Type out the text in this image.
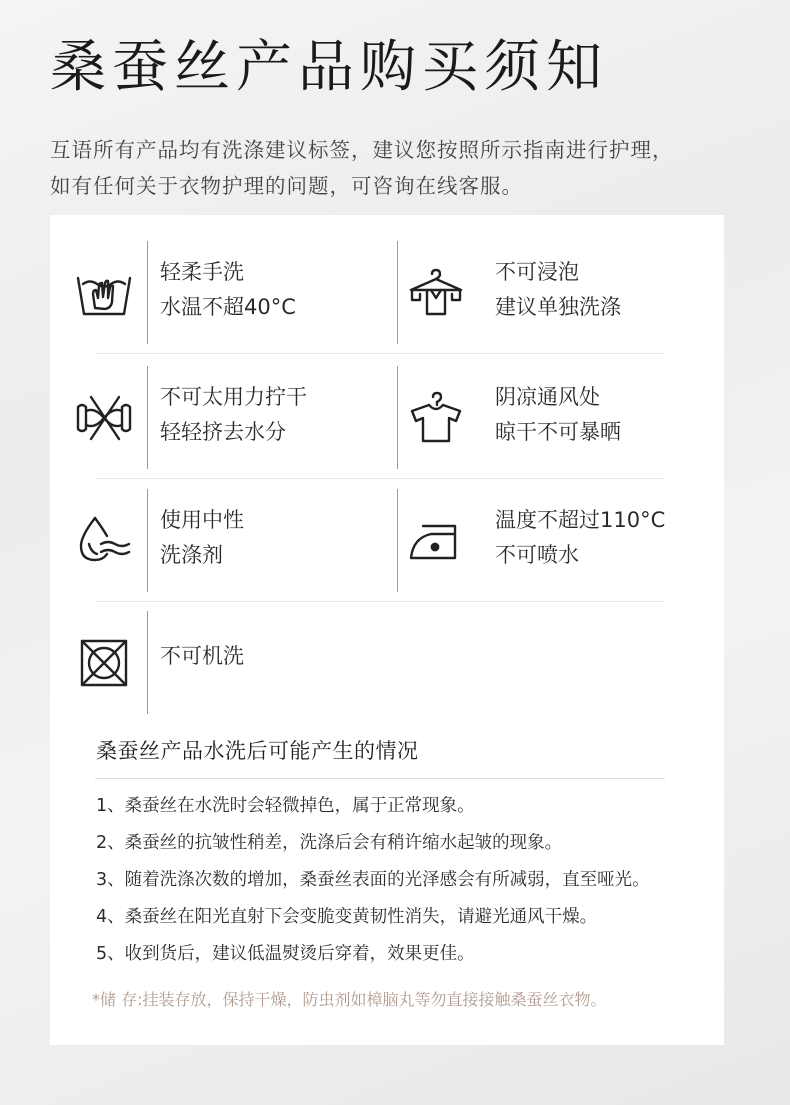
桑蚕丝产品购买须知
互语所有产品均有洗涤建议标签，建议您按照所示指南进行护理，
如有任何关于衣物护理的问题，可咨询在线客服。
轻柔手洗
水温不超40°C
不可浸泡
建议单独洗涤
不可太用力拧干
轻轻挤去水分
阴凉通风处
晾干不可暴晒
使用中性
洗涤剂
温度不超过110°C
不可喷水
不可机洗
桑蚕丝产品水洗后可能产生的情况
1、桑蚕丝在水洗时会轻微掉色，属于正常现象。
2、桑蚕丝的抗皱性稍差，洗涤后会有稍许缩水起皱的现象。
3、随着洗涤次数的增加，桑蚕丝表面的光泽感会有所减弱，直至哑光。
4、桑蚕丝在阳光直射下会变脆变黄韧性消失，请避光通风干燥。
5、收到货后，建议低温熨烫后穿着，效果更佳。
*储 存:挂装存放，保持干燥，防虫剂如樟脑丸等勿直接接触桑蚕丝衣物。
